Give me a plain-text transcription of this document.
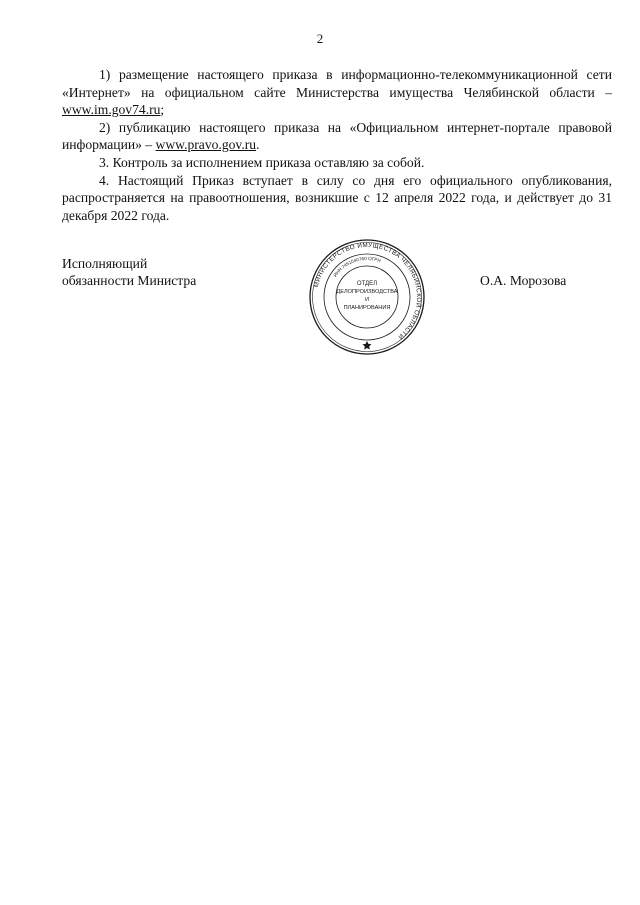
2

1) размещение настоящего приказа в информационно-телекоммуникационной сети «Интернет» на официальном сайте Министерства имущества Челябинской области – www.im.gov74.ru;

2) публикацию настоящего приказа на «Официальном интернет-портале правовой информации» – www.pravo.gov.ru.

3. Контроль за исполнением приказа оставляю за собой.

4. Настоящий Приказ вступает в силу со дня его официального опубликования, распространяется на правоотношения, возникшие с 12 апреля 2022 года, и действует до 31 декабря 2022 года.

Исполняющий
обязанности Министра	МИНИСТЕРСТВО ИМУЩЕСТВА ЧЕЛЯБИНСКОЙ ОБЛАСТИ
ИНН 7451040760 ОГРН
ОТДЕЛ
ДЕЛОПРОИЗВОДСТВА
И
ПЛАНИРОВАНИЯ
О.А. Морозова
